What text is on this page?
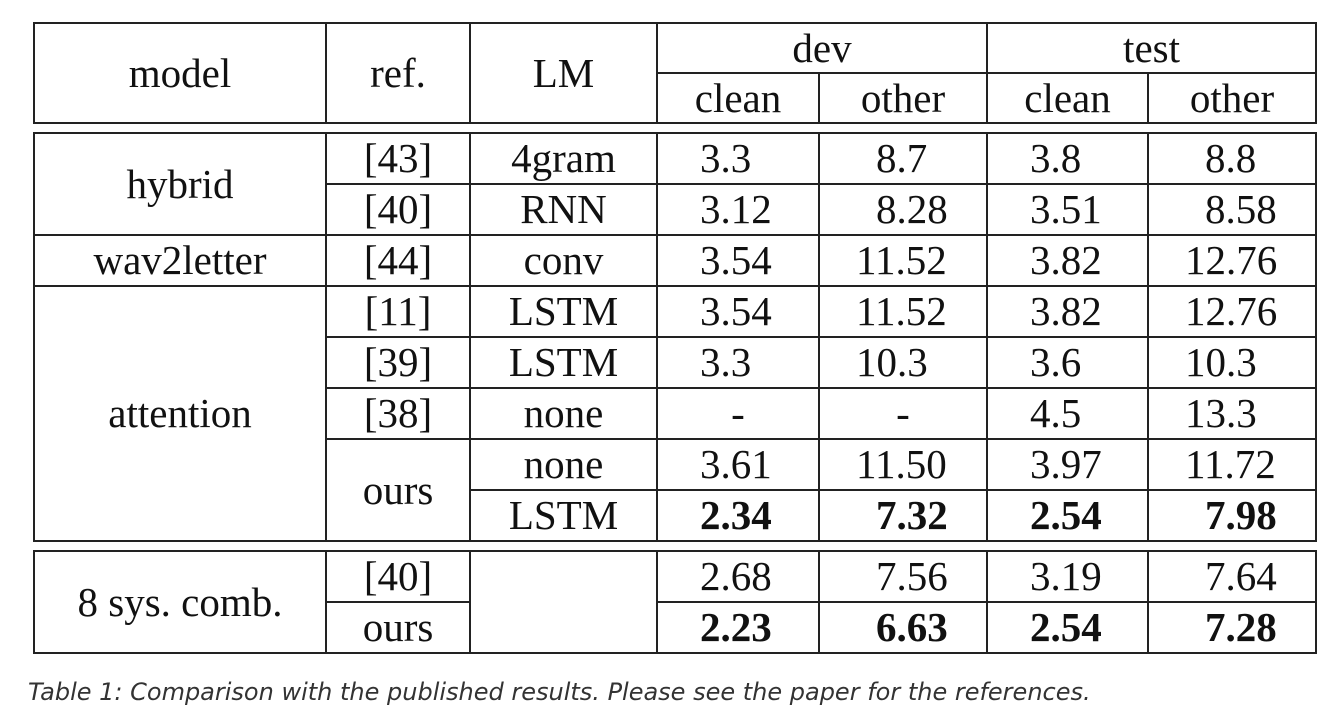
model	ref.	LM	dev		test	
			clean	other	clean	other

hybrid	[43]	4gram	3.3	8.7	3.8	8.8
	[40]	RNN	3.12	8.28	3.51	8.58
wav2letter	[44]	conv	3.54	11.52	3.82	12.76
attention	[11]	LSTM	3.54	11.52	3.82	12.76
	[39]	LSTM	3.3	10.3	3.6	10.3
	[38]	none	-	-	4.5	13.3
	ours	none	3.61	11.50	3.97	11.72
		LSTM	2.34	7.32	2.54	7.98

8 sys. comb.	[40]		2.68	7.56	3.19	7.64
	ours		2.23	6.63	2.54	7.28
Table 1: Comparison with the published results. Please see the paper for the references.
